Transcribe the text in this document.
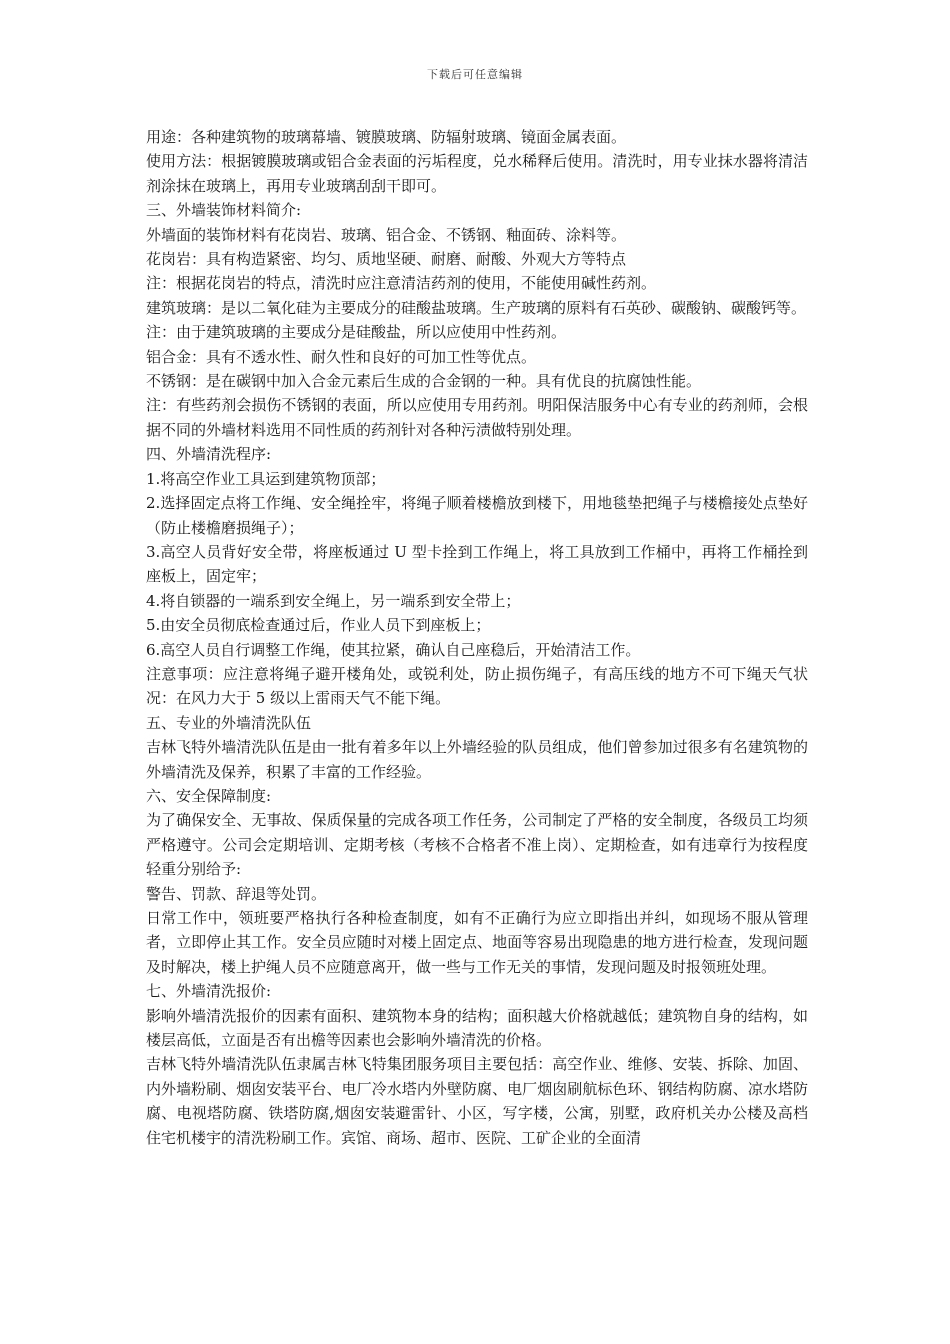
下载后可任意编辑

用途：各种建筑物的玻璃幕墙、镀膜玻璃、防辐射玻璃、镜面金属表面。

使用方法：根据镀膜玻璃或铝合金表面的污垢程度，兑水稀释后使用。清洗时，用专业抹水器将清洁剂涂抹在玻璃上，再用专业玻璃刮刮干即可。

三、外墙装饰材料简介:

外墙面的装饰材料有花岗岩、玻璃、铝合金、不锈钢、釉面砖、涂料等。

花岗岩：具有构造紧密、均匀、质地坚硬、耐磨、耐酸、外观大方等特点

注：根据花岗岩的特点，清洗时应注意清洁药剂的使用，不能使用碱性药剂。

建筑玻璃：是以二氧化硅为主要成分的硅酸盐玻璃。生产玻璃的原料有石英砂、碳酸钠、碳酸钙等。

注：由于建筑玻璃的主要成分是硅酸盐，所以应使用中性药剂。

铝合金：具有不透水性、耐久性和良好的可加工性等优点。

不锈钢：是在碳钢中加入合金元素后生成的合金钢的一种。具有优良的抗腐蚀性能。

注：有些药剂会损伤不锈钢的表面，所以应使用专用药剂。明阳保洁服务中心有专业的药剂师，会根据不同的外墙材料选用不同性质的药剂针对各种污渍做特别处理。

四、外墙清洗程序:

1.将高空作业工具运到建筑物顶部；

2.选择固定点将工作绳、安全绳拴牢，将绳子顺着楼檐放到楼下，用地毯垫把绳子与楼檐接处点垫好（防止楼檐磨损绳子）；

3.高空人员背好安全带，将座板通过 U 型卡拴到工作绳上，将工具放到工作桶中，再将工作桶拴到座板上，固定牢；

4.将自锁器的一端系到安全绳上，另一端系到安全带上；

5.由安全员彻底检查通过后，作业人员下到座板上；

6.高空人员自行调整工作绳，使其拉紧，确认自己座稳后，开始清洁工作。

注意事项：应注意将绳子避开楼角处，或锐利处，防止损伤绳子，有高压线的地方不可下绳天气状况：在风力大于 5 级以上雷雨天气不能下绳。

五、专业的外墙清洗队伍

吉林飞特外墙清洗队伍是由一批有着多年以上外墙经验的队员组成，他们曾参加过很多有名建筑物的外墙清洗及保养，积累了丰富的工作经验。

六、安全保障制度:

为了确保安全、无事故、保质保量的完成各项工作任务，公司制定了严格的安全制度，各级员工均须严格遵守。公司会定期培训、定期考核（考核不合格者不准上岗）、定期检查，如有违章行为按程度轻重分别给予:

警告、罚款、辞退等处罚。

日常工作中，领班要严格执行各种检查制度，如有不正确行为应立即指出并纠，如现场不服从管理者，立即停止其工作。安全员应随时对楼上固定点、地面等容易出现隐患的地方进行检查，发现问题及时解决，楼上护绳人员不应随意离开，做一些与工作无关的事情，发现问题及时报领班处理。

七、外墙清洗报价:

影响外墙清洗报价的因素有面积、建筑物本身的结构；面积越大价格就越低；建筑物自身的结构，如楼层高低，立面是否有出檐等因素也会影响外墙清洗的价格。

吉林飞特外墙清洗队伍隶属吉林飞特集团服务项目主要包括：高空作业、维修、安装、拆除、加固、内外墙粉刷、烟囱安装平台、电厂冷水塔内外壁防腐、电厂烟囱刷航标色环、钢结构防腐、凉水塔防腐、电视塔防腐、铁塔防腐,烟囱安装避雷针、小区，写字楼，公寓，别墅，政府机关办公楼及高档住宅机楼宇的清洗粉刷工作。宾馆、商场、超市、医院、工矿企业的全面清
